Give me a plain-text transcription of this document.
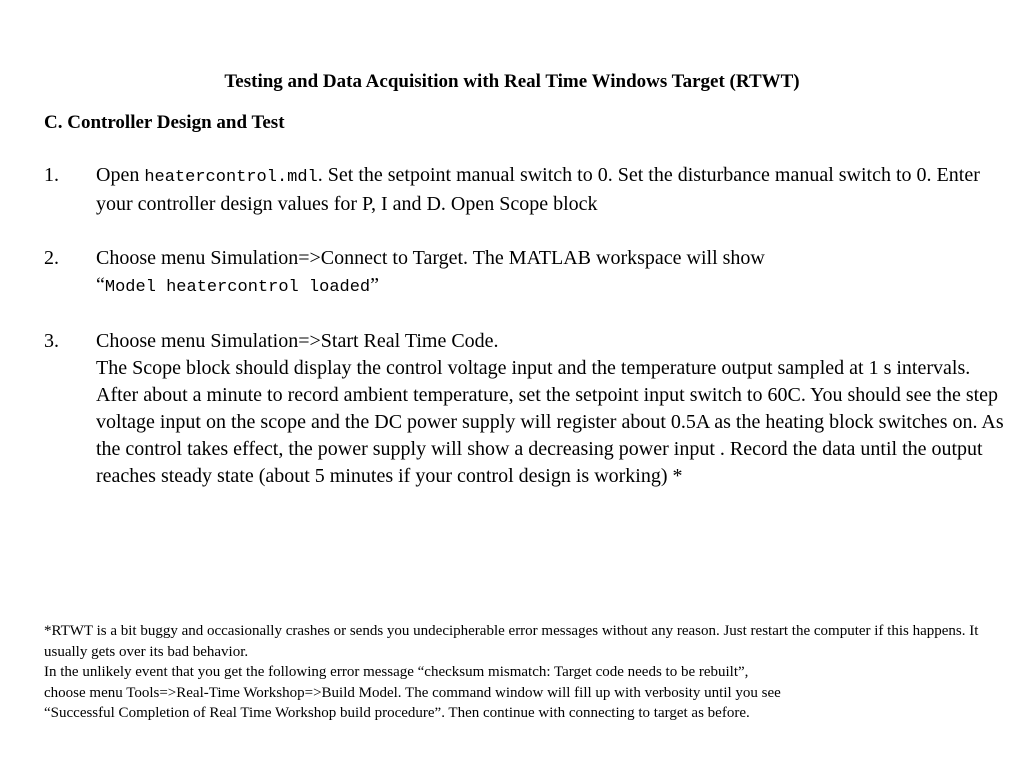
Testing and Data Acquisition with Real Time Windows Target (RTWT)
C. Controller Design and Test
1. Open heatercontrol.mdl. Set the setpoint manual switch to 0. Set the disturbance manual switch to 0. Enter your controller design values for P, I and D. Open Scope block
2. Choose menu Simulation=>Connect to Target. The MATLAB workspace will show
“Model heatercontrol loaded”
3. Choose menu Simulation=>Start Real Time Code.
The Scope block should display the control voltage input and the temperature output sampled at 1 s intervals. After about a minute to record ambient temperature, set the setpoint input switch to 60C. You should see the step voltage input on the scope and the DC power supply will register about 0.5A as the heating block switches on. As the control takes effect, the power supply will show a decreasing power input . Record the data until the output reaches steady state (about 5 minutes if your control design is working) *

*RTWT is a bit buggy and occasionally crashes or sends you undecipherable error messages without any reason. Just restart the computer if this happens. It usually gets over its bad behavior.

In the unlikely event that you get the following error message “checksum mismatch: Target code needs to be rebuilt”,

choose menu Tools=>Real-Time Workshop=>Build Model. The command window will fill up with verbosity until you see

“Successful Completion of Real Time Workshop build procedure”. Then continue with connecting to target as before.
